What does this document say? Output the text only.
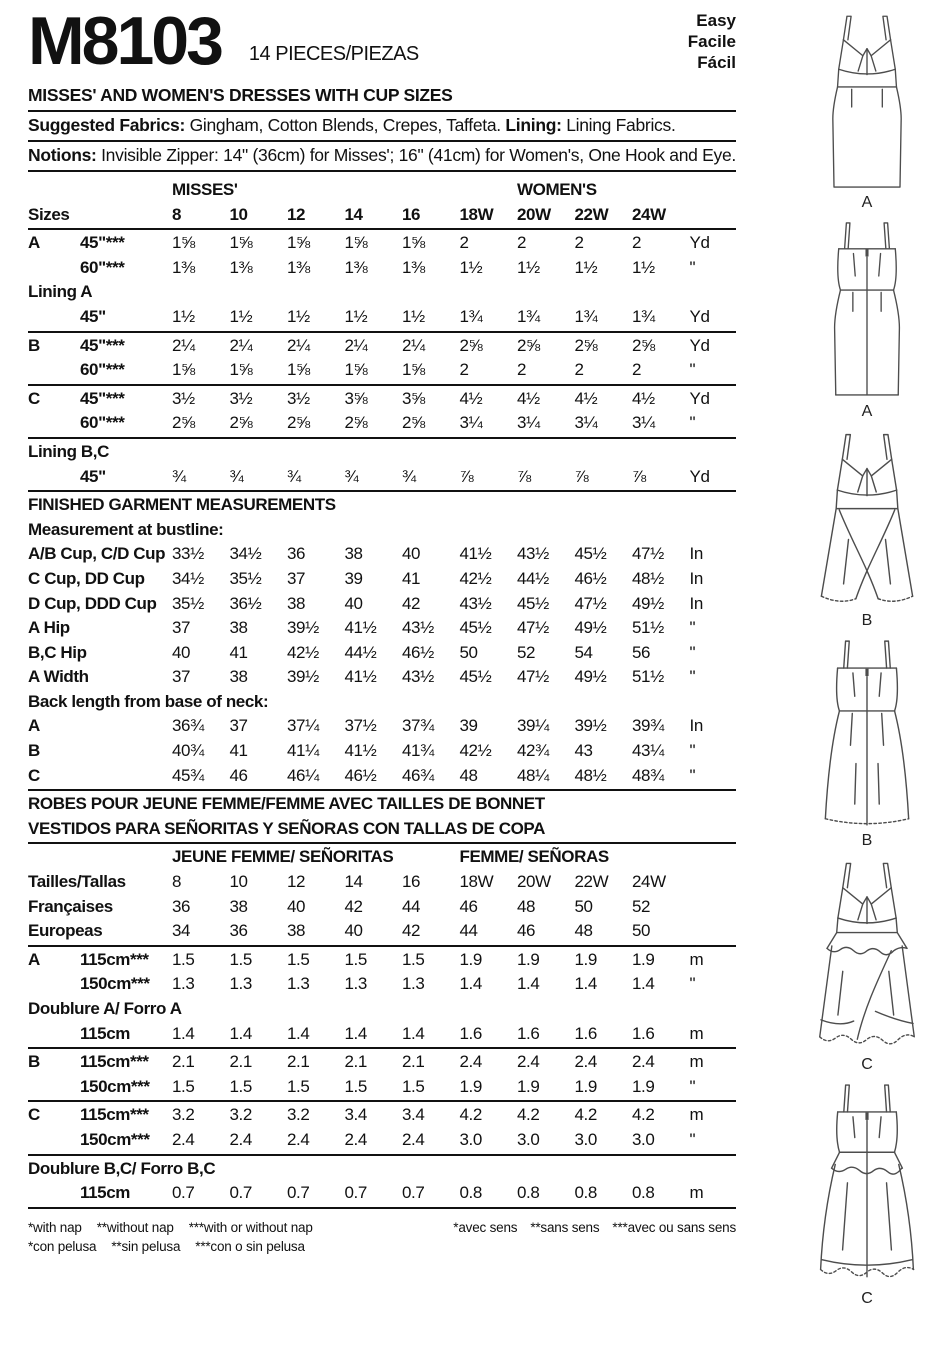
M8103 14 PIECES/PIEZAS
Easy
Facile
Fácil
MISSES' AND WOMEN'S DRESSES WITH CUP SIZES
Suggested Fabrics: Gingham, Cotton Blends, Crepes, Taffeta. Lining: Lining Fabrics.
Notions: Invisible Zipper: 14" (36cm) for Misses'; 16" (41cm) for Women's, One Hook and Eye.
MISSES'	WOMEN'S
Sizes	8	10	12	14	16	18W	20W	22W	24W
A	45"***	1⅝	1⅝	1⅝	1⅝	1⅝	2	2	2	2	Yd
60"***	1⅜	1⅜	1⅜	1⅜	1⅜	1½	1½	1½	1½	"
Lining A
45"	1½	1½	1½	1½	1½	1¾	1¾	1¾	1¾	Yd
B	45"***	2¼	2¼	2¼	2¼	2¼	2⅝	2⅝	2⅝	2⅝	Yd
60"***	1⅝	1⅝	1⅝	1⅝	1⅝	2	2	2	2	"
C	45"***	3½	3½	3½	3⅝	3⅝	4½	4½	4½	4½	Yd
60"***	2⅝	2⅝	2⅝	2⅝	2⅝	3¼	3¼	3¼	3¼	"
Lining B,C
45"	¾	¾	¾	¾	¾	⅞	⅞	⅞	⅞	Yd
FINISHED GARMENT MEASUREMENTS
Measurement at bustline:
A/B Cup, C/D Cup 33½	34½	36	38	40	41½	43½	45½	47½	In
C Cup, DD Cup	34½	35½	37	39	41	42½	44½	46½	48½	In
D Cup, DDD Cup 35½	36½	38	40	42	43½	45½	47½	49½	In
A Hip	37	38	39½	41½	43½	45½	47½	49½	51½	"
B,C Hip	40	41	42½	44½	46½	50	52	54	56	"
A Width	37	38	39½	41½	43½	45½	47½	49½	51½	"
Back length from base of neck:
A	36¾	37	37¼	37½	37¾	39	39¼	39½	39¾	In
B	40¾	41	41¼	41½	41¾	42½	42¾	43	43¼	"
C	45¾	46	46¼	46½	46¾	48	48¼	48½	48¾	"
ROBES POUR JEUNE FEMME/FEMME AVEC TAILLES DE BONNET
VESTIDOS PARA SEÑORITAS Y SEÑORAS CON TALLAS DE COPA
JEUNE FEMME/ SEÑORITAS	FEMME/ SEÑORAS
Tailles/Tallas	8	10	12	14	16	18W	20W	22W	24W
Françaises	36	38	40	42	44	46	48	50	52
Europeas	34	36	38	40	42	44	46	48	50
A	115cm***	1.5	1.5	1.5	1.5	1.5	1.9	1.9	1.9	1.9	m
150cm***	1.3	1.3	1.3	1.3	1.3	1.4	1.4	1.4	1.4	"
Doublure A/ Forro A
115cm	1.4	1.4	1.4	1.4	1.4	1.6	1.6	1.6	1.6	m
B	115cm***	2.1	2.1	2.1	2.1	2.1	2.4	2.4	2.4	2.4	m
150cm***	1.5	1.5	1.5	1.5	1.5	1.9	1.9	1.9	1.9	"
C	115cm***	3.2	3.2	3.2	3.4	3.4	4.2	4.2	4.2	4.2	m
150cm***	2.4	2.4	2.4	2.4	2.4	3.0	3.0	3.0	3.0	"
Doublure B,C/ Forro B,C
115cm	0.7	0.7	0.7	0.7	0.7	0.8	0.8	0.8	0.8	m
*with nap **without nap ***with or without nap	*avec sens **sans sens ***avec ou sans sens
*con pelusa **sin pelusa ***con o sin pelusa
A
A
B
B
C
C
